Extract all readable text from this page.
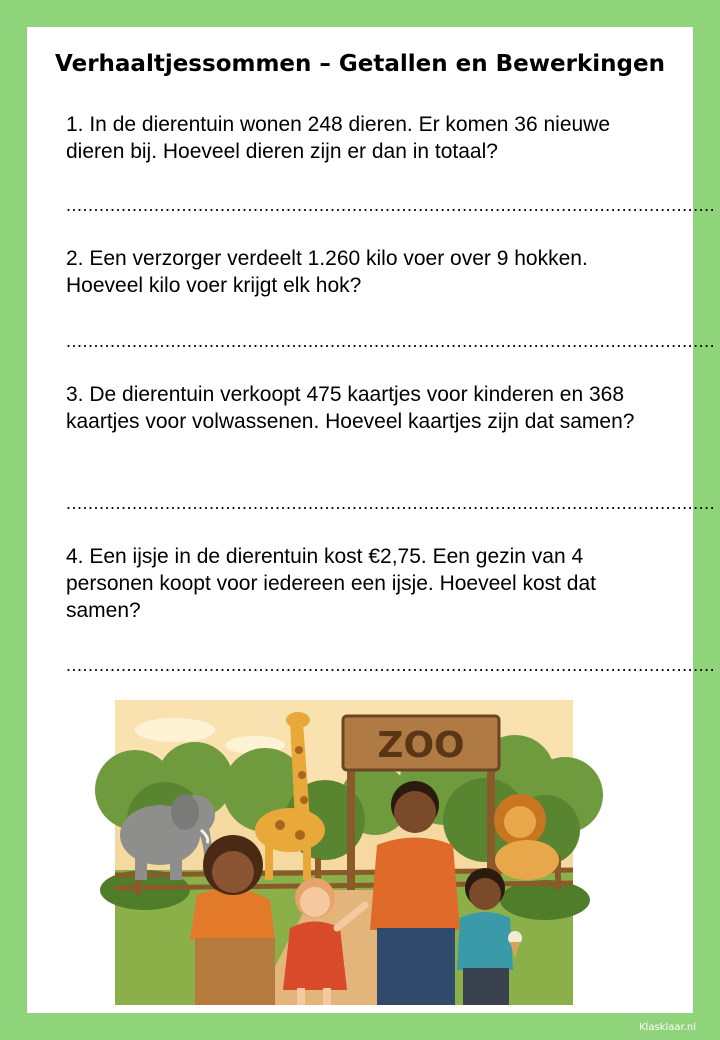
Verhaaltjessommen – Getallen en Bewerkingen
1. In de dierentuin wonen 248 dieren. Er komen 36 nieuwe dieren bij. Hoeveel dieren zijn er dan in totaal?
......................................................................................................................
2. Een verzorger verdeelt 1.260 kilo voer over 9 hokken. Hoeveel kilo voer krijgt elk hok?
......................................................................................................................
3. De dierentuin verkoopt 475 kaartjes voor kinderen en 368 kaartjes voor volwassenen. Hoeveel kaartjes zijn dat samen?
......................................................................................................................
4. Een ijsje in de dierentuin kost €2,75. Een gezin van 4 personen koopt voor iedereen een ijsje. Hoeveel kost dat samen?
......................................................................................................................
ZOO
Klasklaar.nl
